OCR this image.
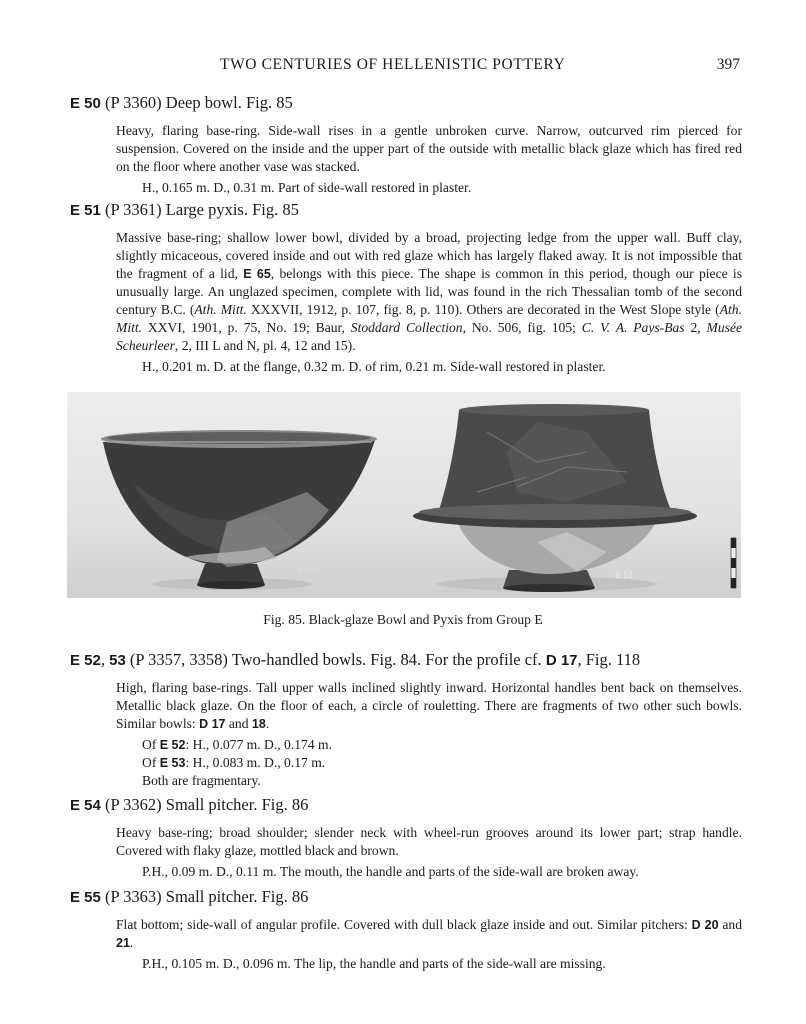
TWO CENTURIES OF HELLENISTIC POTTERY	397
E 50 (P 3360) Deep bowl. Fig. 85

Heavy, flaring base-ring. Side-wall rises in a gentle unbroken curve. Narrow, outcurved rim pierced for suspension. Covered on the inside and the upper part of the outside with metallic black glaze which has fired red on the floor where another vase was stacked.

H., 0.165 m. D., 0.31 m. Part of side-wall restored in plaster.

E 51 (P 3361) Large pyxis. Fig. 85

Massive base-ring; shallow lower bowl, divided by a broad, projecting ledge from the upper wall. Buff clay, slightly micaceous, covered inside and out with red glaze which has largely flaked away. It is not impossible that the fragment of a lid, E 65, belongs with this piece. The shape is common in this period, though our piece is unusually large. An unglazed specimen, complete with lid, was found in the rich Thessalian tomb of the second century B.C. (Ath. Mitt. XXXVII, 1912, p. 107, fig. 8, p. 110). Others are decorated in the West Slope style (Ath. Mitt. XXVI, 1901, p. 75, No. 19; Baur, Stoddard Collection, No. 506, fig. 105; C. V. A. Pays-Bas 2, Musée Scheurleer, 2, III L and N, pl. 4, 12 and 15).

H., 0.201 m. D. at the flange, 0.32 m. D. of rim, 0.21 m. Side-wall restored in plaster.

E 50	E 51
Fig. 85. Black-glaze Bowl and Pyxis from Group E
E 52, 53 (P 3357, 3358) Two-handled bowls. Fig. 84. For the profile cf. D 17, Fig. 118

High, flaring base-rings. Tall upper walls inclined slightly inward. Horizontal handles bent back on themselves. Metallic black glaze. On the floor of each, a circle of rouletting. There are fragments of two other such bowls. Similar bowls: D 17 and 18.

Of E 52: H., 0.077 m. D., 0.174 m.

Of E 53: H., 0.083 m. D., 0.17 m.

Both are fragmentary.

E 54 (P 3362) Small pitcher. Fig. 86

Heavy base-ring; broad shoulder; slender neck with wheel-run grooves around its lower part; strap handle. Covered with flaky glaze, mottled black and brown.

P.H., 0.09 m. D., 0.11 m. The mouth, the handle and parts of the side-wall are broken away.

E 55 (P 3363) Small pitcher. Fig. 86

Flat bottom; side-wall of angular profile. Covered with dull black glaze inside and out. Similar pitchers: D 20 and 21.

P.H., 0.105 m. D., 0.096 m. The lip, the handle and parts of the side-wall are missing.
